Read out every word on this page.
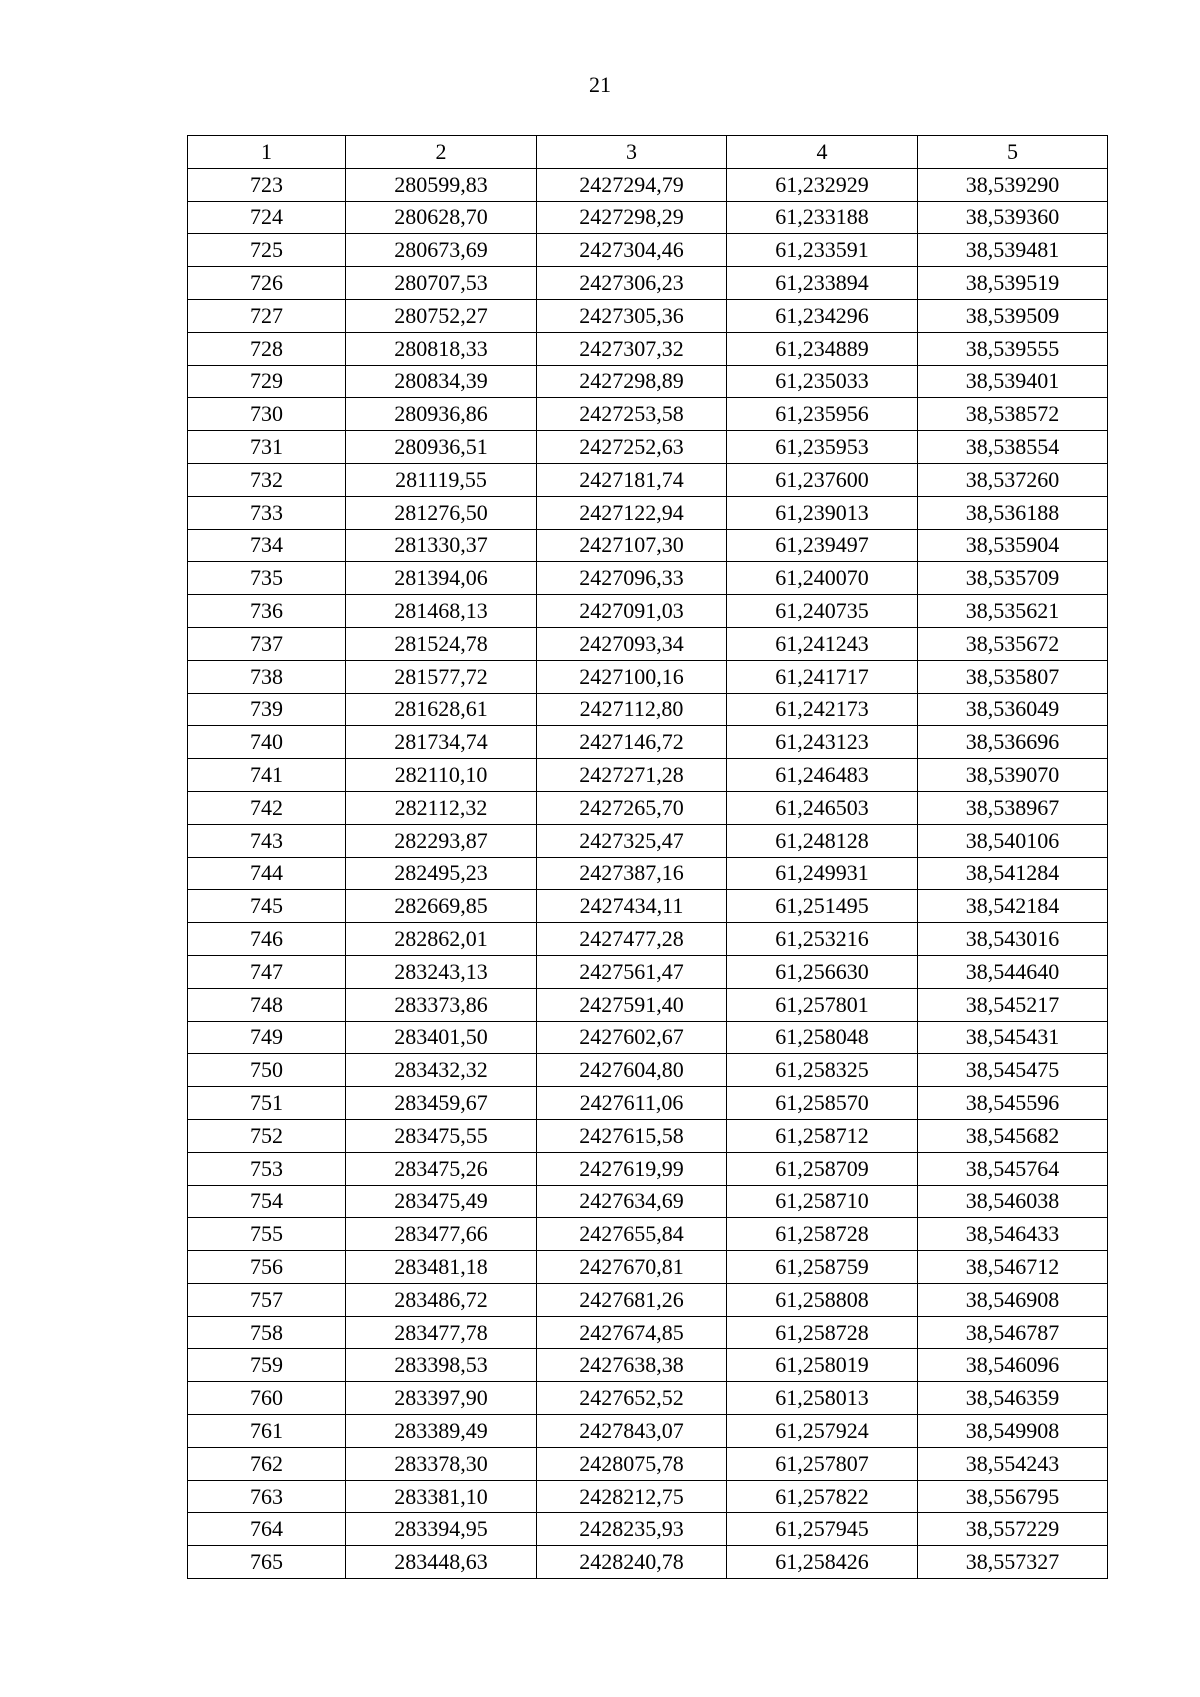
21
1	2	3	4	5
723	280599,83	2427294,79	61,232929	38,539290
724	280628,70	2427298,29	61,233188	38,539360
725	280673,69	2427304,46	61,233591	38,539481
726	280707,53	2427306,23	61,233894	38,539519
727	280752,27	2427305,36	61,234296	38,539509
728	280818,33	2427307,32	61,234889	38,539555
729	280834,39	2427298,89	61,235033	38,539401
730	280936,86	2427253,58	61,235956	38,538572
731	280936,51	2427252,63	61,235953	38,538554
732	281119,55	2427181,74	61,237600	38,537260
733	281276,50	2427122,94	61,239013	38,536188
734	281330,37	2427107,30	61,239497	38,535904
735	281394,06	2427096,33	61,240070	38,535709
736	281468,13	2427091,03	61,240735	38,535621
737	281524,78	2427093,34	61,241243	38,535672
738	281577,72	2427100,16	61,241717	38,535807
739	281628,61	2427112,80	61,242173	38,536049
740	281734,74	2427146,72	61,243123	38,536696
741	282110,10	2427271,28	61,246483	38,539070
742	282112,32	2427265,70	61,246503	38,538967
743	282293,87	2427325,47	61,248128	38,540106
744	282495,23	2427387,16	61,249931	38,541284
745	282669,85	2427434,11	61,251495	38,542184
746	282862,01	2427477,28	61,253216	38,543016
747	283243,13	2427561,47	61,256630	38,544640
748	283373,86	2427591,40	61,257801	38,545217
749	283401,50	2427602,67	61,258048	38,545431
750	283432,32	2427604,80	61,258325	38,545475
751	283459,67	2427611,06	61,258570	38,545596
752	283475,55	2427615,58	61,258712	38,545682
753	283475,26	2427619,99	61,258709	38,545764
754	283475,49	2427634,69	61,258710	38,546038
755	283477,66	2427655,84	61,258728	38,546433
756	283481,18	2427670,81	61,258759	38,546712
757	283486,72	2427681,26	61,258808	38,546908
758	283477,78	2427674,85	61,258728	38,546787
759	283398,53	2427638,38	61,258019	38,546096
760	283397,90	2427652,52	61,258013	38,546359
761	283389,49	2427843,07	61,257924	38,549908
762	283378,30	2428075,78	61,257807	38,554243
763	283381,10	2428212,75	61,257822	38,556795
764	283394,95	2428235,93	61,257945	38,557229
765	283448,63	2428240,78	61,258426	38,557327
